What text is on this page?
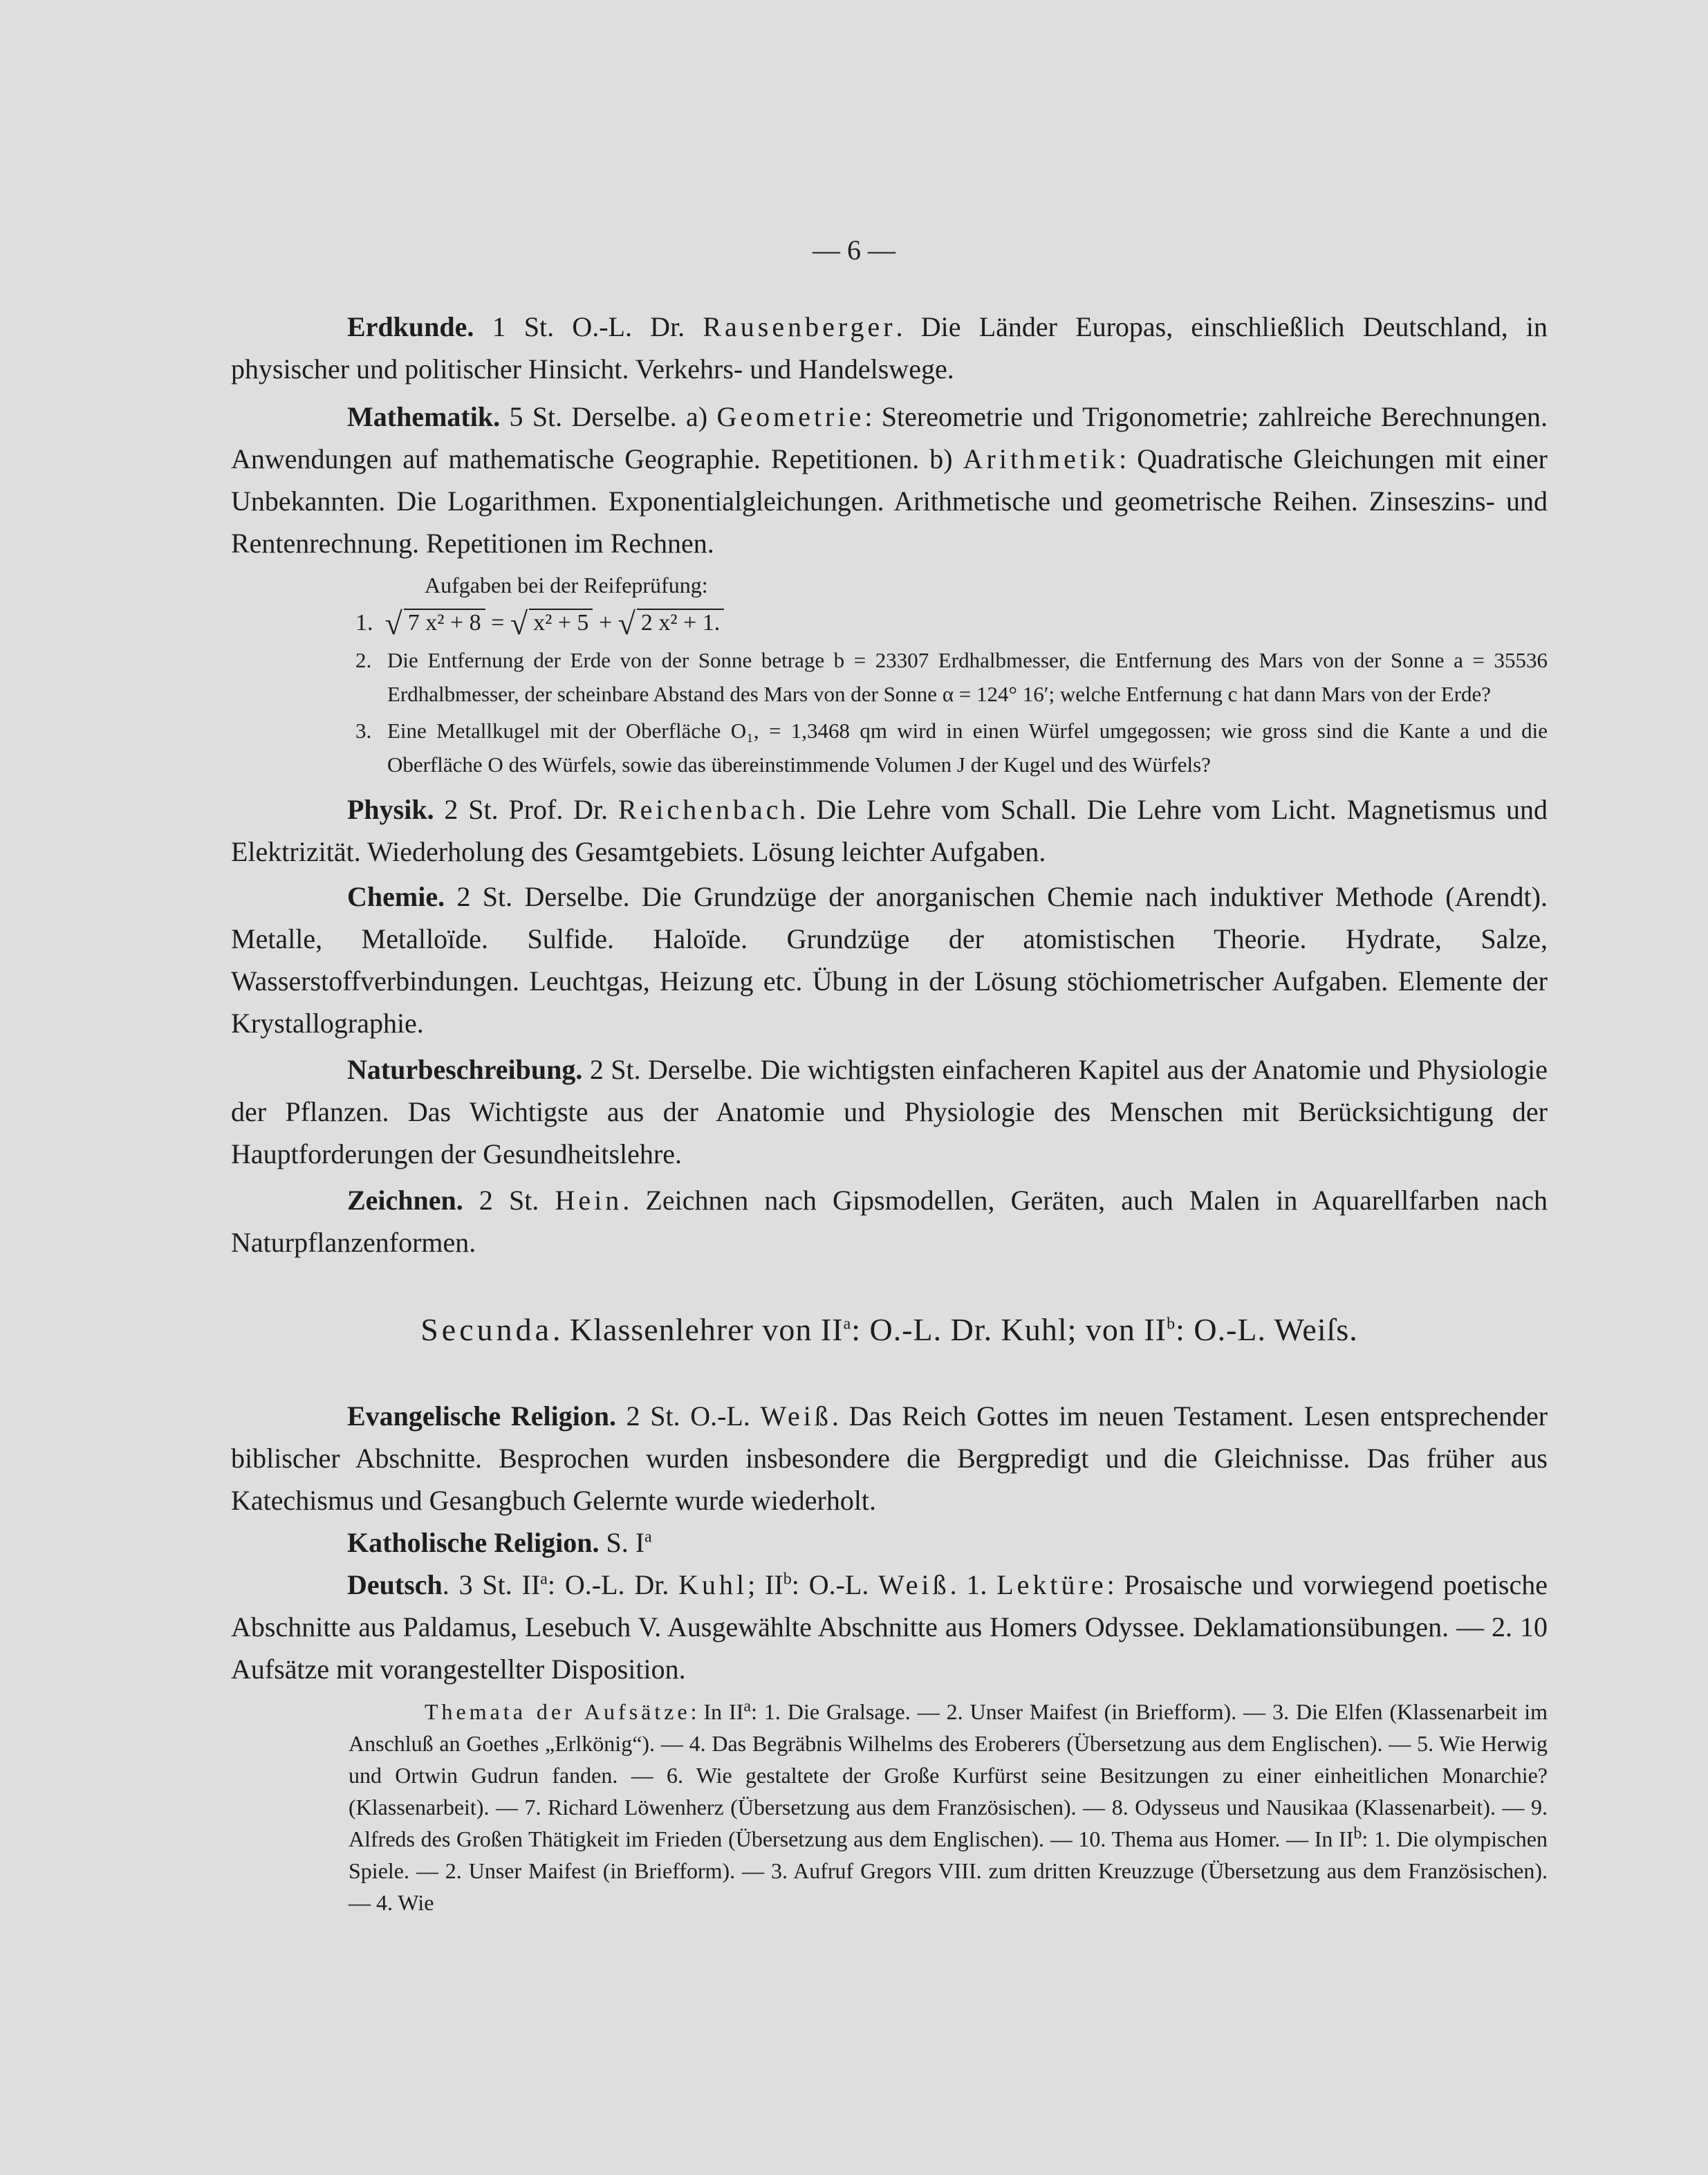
— 6 —

Erdkunde. 1 St. O.-L. Dr. Rausenberger. Die Länder Europas, einschließlich Deutschland, in physischer und politischer Hinsicht. Verkehrs- und Handelswege.

Mathematik. 5 St. Derselbe. a) Geometrie: Stereometrie und Trigonometrie; zahlreiche Berechnungen. Anwendungen auf mathematische Geographie. Repetitionen. b) Arithmetik: Quadratische Gleichungen mit einer Unbekannten. Die Logarithmen. Exponentialgleichungen. Arithmetische und geometrische Reihen. Zinseszins- und Rentenrechnung. Repetitionen im Rechnen.

Aufgaben bei der Reifeprüfung:

1. √ 7 x² + 8 = √ x² + 5 + √ 2 x² + 1.

2. Die Entfernung der Erde von der Sonne betrage b = 23307 Erdhalbmesser, die Entfernung des Mars von der Sonne a = 35536 Erdhalbmesser, der scheinbare Abstand des Mars von der Sonne α = 124° 16′; welche Entfernung c hat dann Mars von der Erde?

3. Eine Metallkugel mit der Oberfläche O₁, = 1,3468 qm wird in einen Würfel umgegossen; wie gross sind die Kante a und die Oberfläche O des Würfels, sowie das übereinstimmende Volumen J der Kugel und des Würfels?

Physik. 2 St. Prof. Dr. Reichenbach. Die Lehre vom Schall. Die Lehre vom Licht. Magnetismus und Elektrizität. Wiederholung des Gesamtgebiets. Lösung leichter Aufgaben.

Chemie. 2 St. Derselbe. Die Grundzüge der anorganischen Chemie nach induktiver Methode (Arendt). Metalle, Metalloïde. Sulfide. Haloïde. Grundzüge der atomistischen Theorie. Hydrate, Salze, Wasserstoffverbindungen. Leuchtgas, Heizung etc. Übung in der Lösung stöchiometrischer Aufgaben. Elemente der Krystallographie.

Naturbeschreibung. 2 St. Derselbe. Die wichtigsten einfacheren Kapitel aus der Anatomie und Physiologie der Pflanzen. Das Wichtigste aus der Anatomie und Physiologie des Menschen mit Berücksichtigung der Hauptforderungen der Gesundheitslehre.

Zeichnen. 2 St. Hein. Zeichnen nach Gipsmodellen, Geräten, auch Malen in Aquarellfarben nach Naturpflanzenformen.

Secunda. Klassenlehrer von $II^a$: O.-L. Dr. Kuhl; von $II^b$: O.-L. Weiſs.

Evangelische Religion. 2 St. O.-L. Weiß. Das Reich Gottes im neuen Testament. Lesen entsprechender biblischer Abschnitte. Besprochen wurden insbesondere die Bergpredigt und die Gleichnisse. Das früher aus Katechismus und Gesangbuch Gelernte wurde wiederholt.

Katholische Religion. S. $I^a$

Deutsch. 3 St. $II^a$: O.-L. Dr. Kuhl; $II^b$: O.-L. Weiß. 1. Lektüre: Prosaische und vorwiegend poetische Abschnitte aus Paldamus, Lesebuch V. Ausgewählte Abschnitte aus Homers Odyssee. Deklamationsübungen. — 2. 10 Aufsätze mit vorangestellter Disposition.

Themata der Aufsätze: In $II^a$: 1. Die Gralsage. — 2. Unser Maifest (in Briefform). — 3. Die Elfen (Klassenarbeit im Anschluß an Goethes „Erlkönig“). — 4. Das Begräbnis Wilhelms des Eroberers (Übersetzung aus dem Englischen). — 5. Wie Herwig und Ortwin Gudrun fanden. — 6. Wie gestaltete der Große Kurfürst seine Besitzungen zu einer einheitlichen Monarchie? (Klassenarbeit). — 7. Richard Löwenherz (Übersetzung aus dem Französischen). — 8. Odysseus und Nausikaa (Klassenarbeit). — 9. Alfreds des Großen Thätigkeit im Frieden (Übersetzung aus dem Englischen). — 10. Thema aus Homer. — In $II^b$: 1. Die olympischen Spiele. — 2. Unser Maifest (in Briefform). — 3. Aufruf Gregors VIII. zum dritten Kreuzzuge (Übersetzung aus dem Französischen). — 4. Wie
